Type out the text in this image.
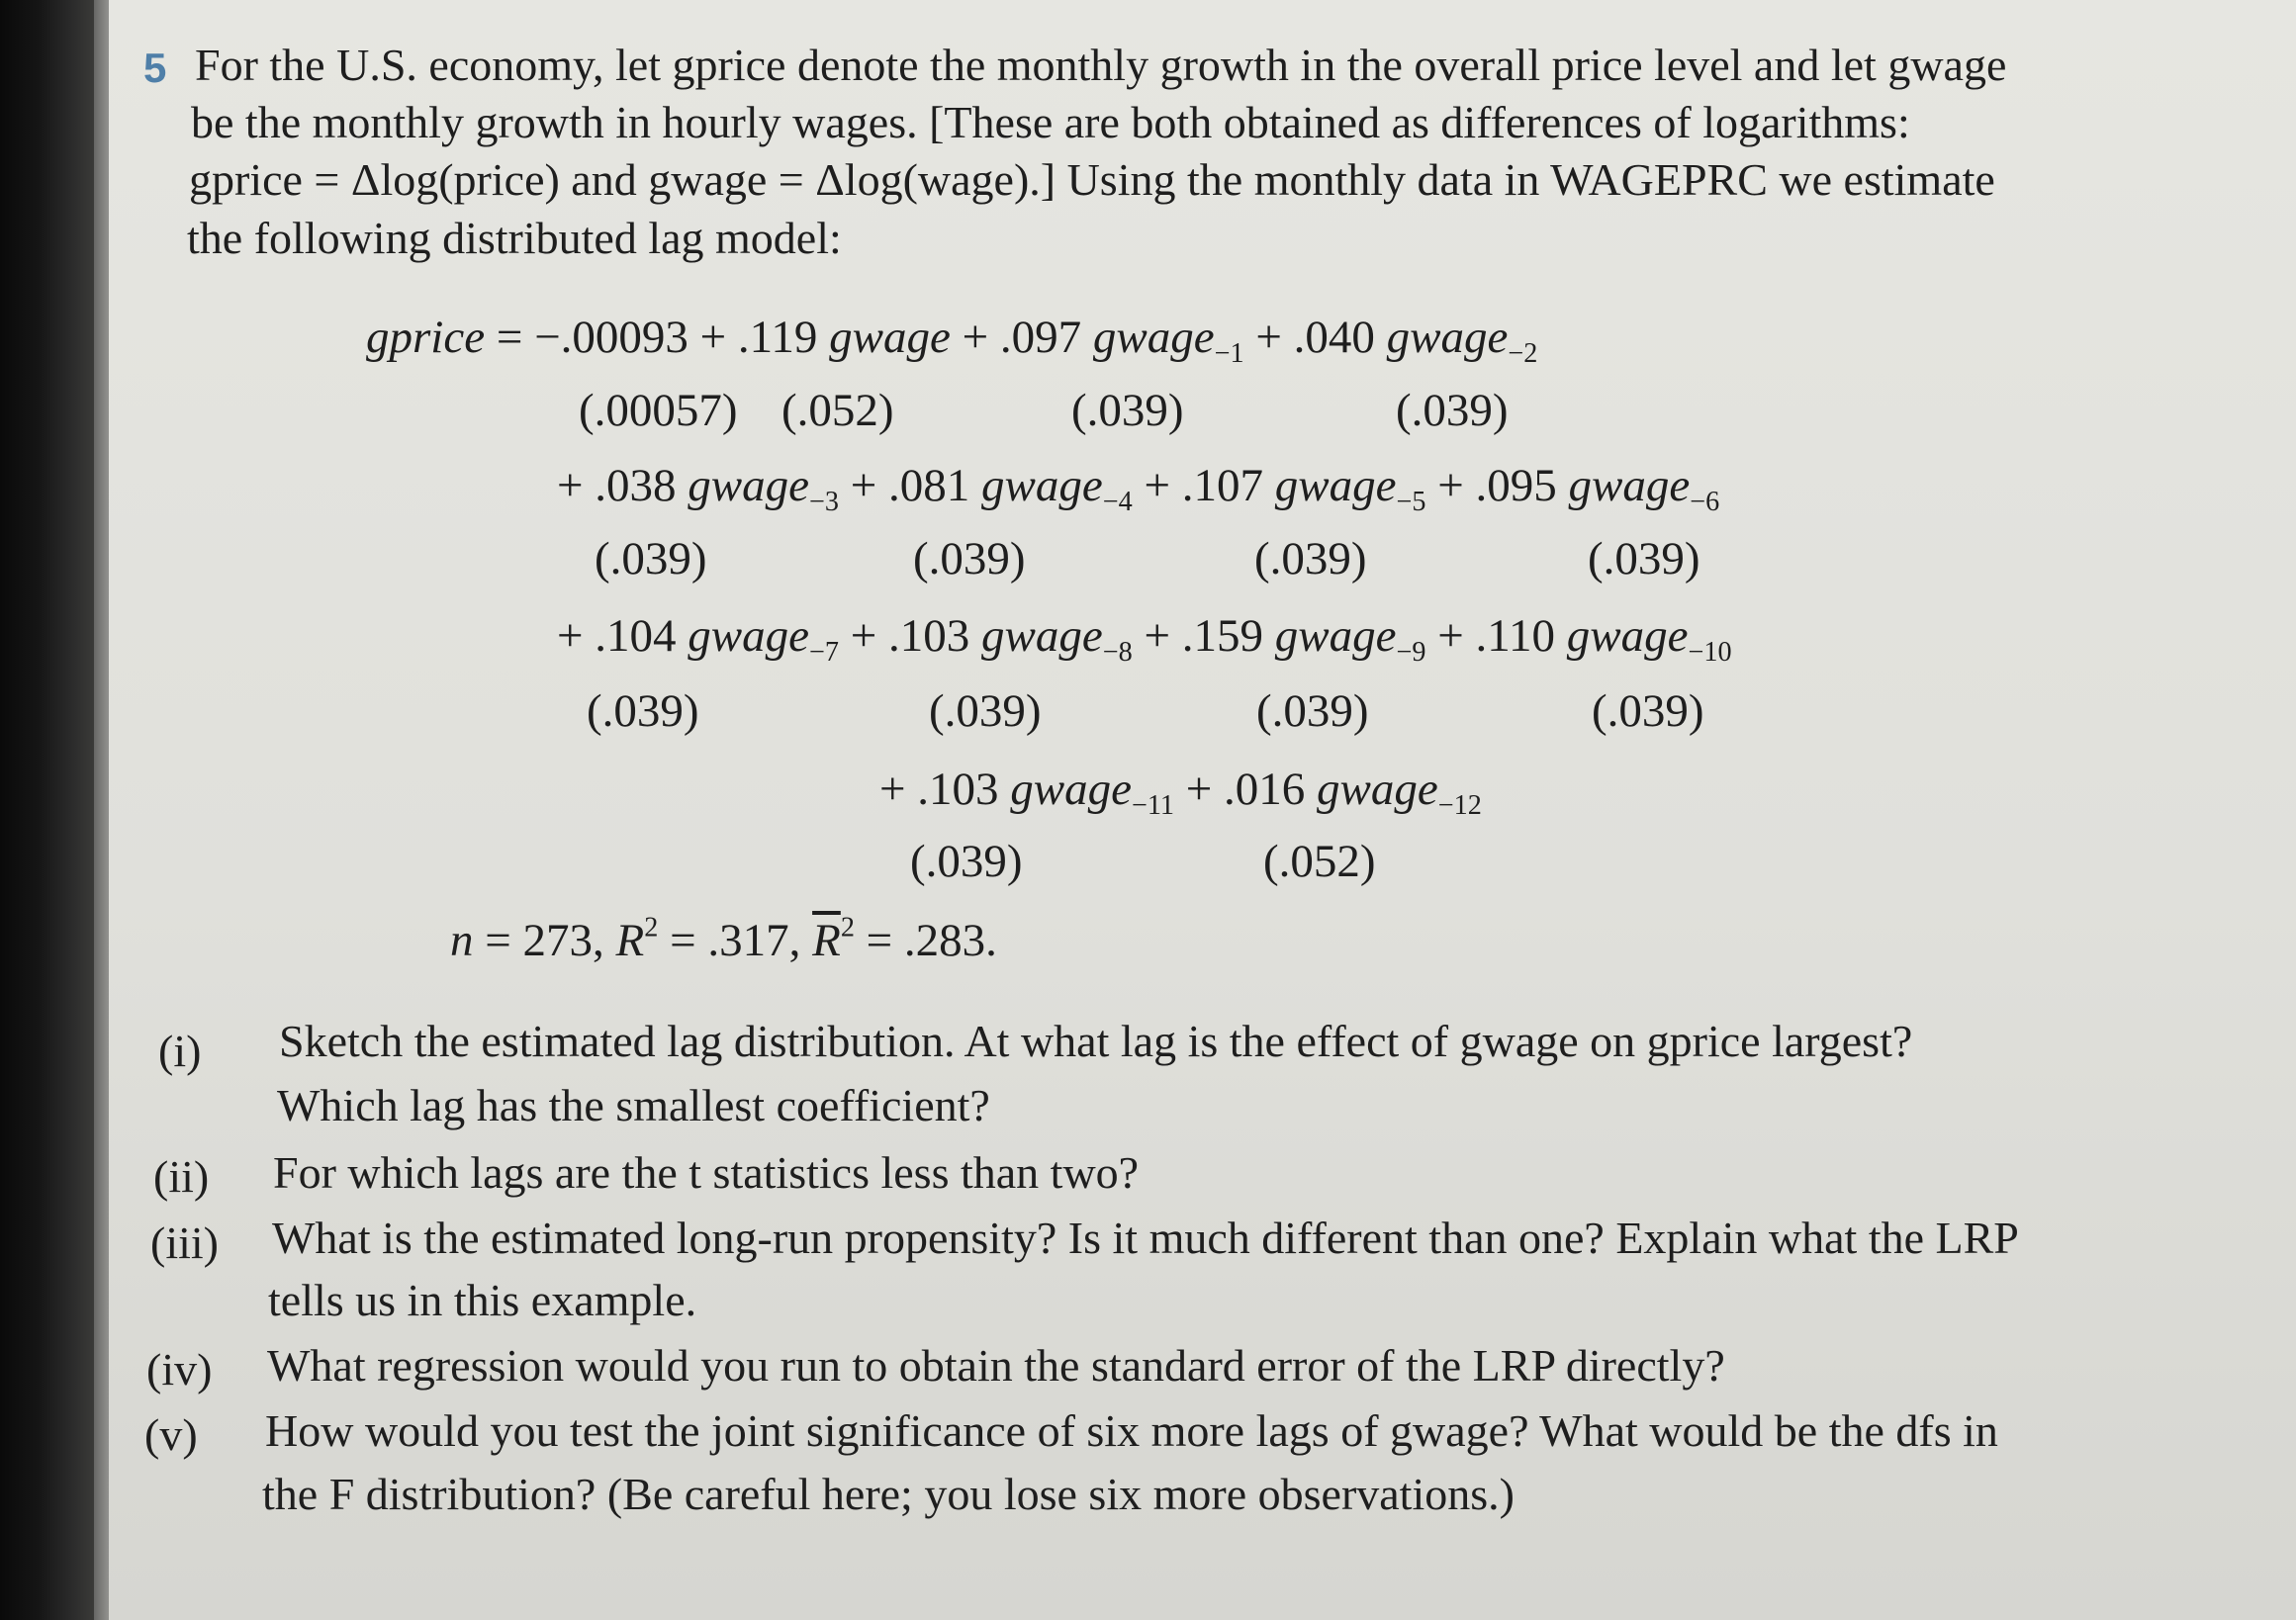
5 For the U.S. economy, let gprice denote the monthly growth in the overall price level and let gwage
be the monthly growth in hourly wages. [These are both obtained as differences of logarithms:
gprice = Δlog(price) and gwage = Δlog(wage).] Using the monthly data in WAGEPRC we estimate
the following distributed lag model:
gprice = −.00093 + .119 gwage + .097 gwage$_{-1}$ + .040 gwage$_{-2}$
(.00057) (.052)	(.039)	(.039)
+ .038 gwage$_{-3}$ + .081 gwage$_{-4}$ + .107 gwage$_{-5}$ + .095 gwage$_{-6}$
(.039)	(.039)	(.039)	(.039)
+ .104 gwage$_{-7}$ + .103 gwage$_{-8}$ + .159 gwage$_{-9}$ + .110 gwage$_{-10}$
(.039)	(.039)	(.039)	(.039)
+ .103 gwage$_{-11}$ + .016 gwage$_{-12}$
(.039)	(.052)
n = 273, $R^2 = .317$, $\overline{R}^2 = .283$.
(i) Sketch the estimated lag distribution. At what lag is the effect of gwage on gprice largest?
Which lag has the smallest coefficient?
(ii) For which lags are the t statistics less than two?
(iii) What is the estimated long-run propensity? Is it much different than one? Explain what the LRP
tells us in this example.
(iv) What regression would you run to obtain the standard error of the LRP directly?
(v) How would you test the joint significance of six more lags of gwage? What would be the dfs in
the F distribution? (Be careful here; you lose six more observations.)
